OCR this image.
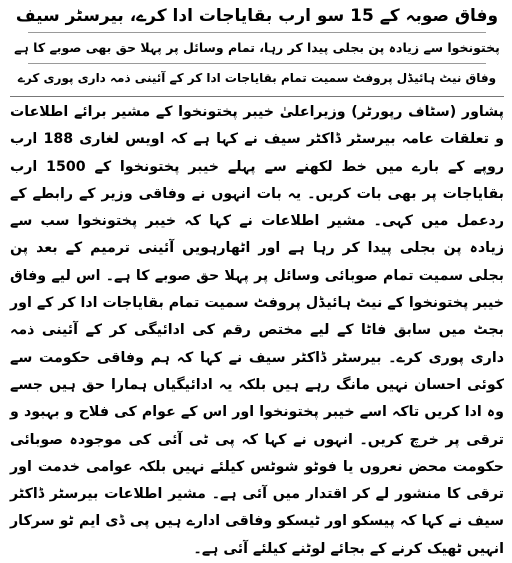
وفاق صوبہ کے 15 سو ارب بقایاجات ادا کرے، بیرسٹر سیف
پختونخوا سے زیادہ پن بجلی پیدا کر رہا، تمام وسائل پر پہلا حق بھی صوبے کا ہے
وفاق نیٹ ہائیڈل پروفٹ سمیت تمام بقایاجات ادا کر کے آئینی ذمہ داری پوری کرے
پشاور (سٹاف رپورٹر) وزیراعلیٰ خیبر پختونخوا کے مشیر برائے اطلاعات و تعلقات عامہ بیرسٹر ڈاکٹر سیف نے کہا ہے کہ اویس لغاری 188 ارب روپے کے بارے میں خط لکھنے سے پہلے خیبر پختونخوا کے 1500 ارب بقایاجات پر بھی بات کریں۔ یہ بات انہوں نے وفاقی وزیر کے رابطے کے ردعمل میں کہی۔ مشیر اطلاعات نے کہا کہ خیبر پختونخوا سب سے زیادہ پن بجلی پیدا کر رہا ہے اور اٹھارہویں آئینی ترمیم کے بعد پن بجلی سمیت تمام صوبائی وسائل پر پہلا حق صوبے کا ہے۔ اس لیے وفاق خیبر پختونخوا کے نیٹ ہائیڈل پروفٹ سمیت تمام بقایاجات ادا کر کے اور بجٹ میں سابق فاٹا کے لیے مختص رقم کی ادائیگی کر کے آئینی ذمہ داری پوری کرے۔ بیرسٹر ڈاکٹر سیف نے کہا کہ ہم وفاقی حکومت سے کوئی احسان نہیں مانگ رہے ہیں بلکہ یہ ادائیگیاں ہمارا حق ہیں جسے وہ ادا کریں تاکہ اسے خیبر پختونخوا اور اس کے عوام کی فلاح و بہبود و ترقی پر خرچ کریں۔ انہوں نے کہا کہ پی ٹی آئی کی موجودہ صوبائی حکومت محض نعروں یا فوٹو شوٹس کیلئے نہیں بلکہ عوامی خدمت اور ترقی کا منشور لے کر اقتدار میں آئی ہے۔ مشیر اطلاعات بیرسٹر ڈاکٹر سیف نے کہا کہ پیسکو اور ٹیسکو وفاقی ادارے ہیں پی ڈی ایم ٹو سرکار انہیں ٹھیک کرنے کے بجائے لوٹنے کیلئے آئی ہے۔
